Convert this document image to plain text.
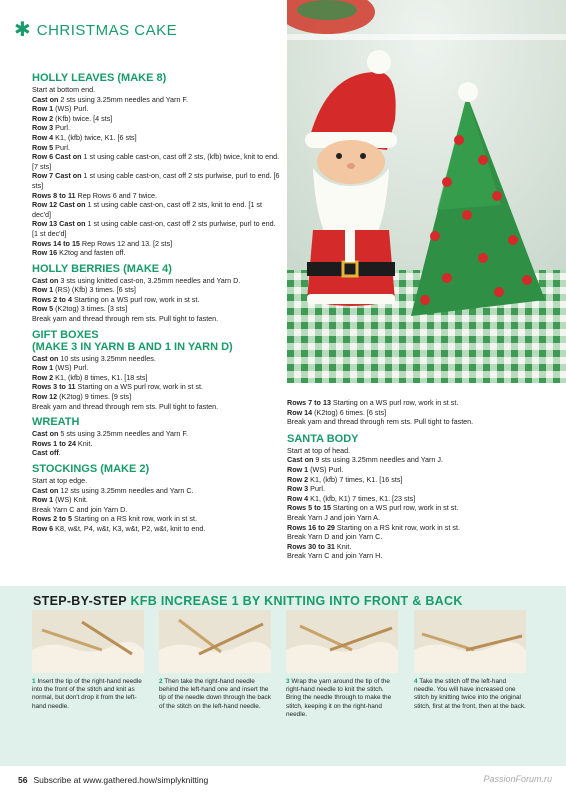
✱ CHRISTMAS CAKE
HOLLY LEAVES (MAKE 8)

Start at bottom end.

Cast on 2 sts using 3.25mm needles and Yarn F.

Row 1 (WS) Purl.

Row 2 (Kfb) twice. [4 sts]

Row 3 Purl.

Row 4 K1, (kfb) twice, K1. [6 sts]

Row 5 Purl.

Row 6 Cast on 1 st using cable cast-on, cast off 2 sts, (kfb) twice, knit to end. [7 sts]

Row 7 Cast on 1 st using cable cast-on, cast off 2 sts purlwise, purl to end. [6 sts]

Rows 8 to 11 Rep Rows 6 and 7 twice.

Row 12 Cast on 1 st using cable cast-on, cast off 2 sts, knit to end. [1 st dec'd]

Row 13 Cast on 1 st using cable cast-on, cast off 2 sts purlwise, purl to end. [1 st dec'd]

Rows 14 to 15 Rep Rows 12 and 13. [2 sts]

Row 16 K2tog and fasten off.

HOLLY BERRIES (MAKE 4)

Cast on 3 sts using knitted cast-on, 3.25mm needles and Yarn D.

Row 1 (RS) (Kfb) 3 times. [6 sts]

Rows 2 to 4 Starting on a WS purl row, work in st st.

Row 5 (K2tog) 3 times. [3 sts]

Break yarn and thread through rem sts. Pull tight to fasten.

GIFT BOXES
(MAKE 3 IN YARN B AND 1 IN YARN D)

Cast on 10 sts using 3.25mm needles.

Row 1 (WS) Purl.

Row 2 K1, (kfb) 8 times, K1. [18 sts]

Rows 3 to 11 Starting on a WS purl row, work in st st.

Row 12 (K2tog) 9 times. [9 sts]

Break yarn and thread through rem sts. Pull tight to fasten.

WREATH

Cast on 5 sts using 3.25mm needles and Yarn F.

Rows 1 to 24 Knit.

Cast off.

STOCKINGS (MAKE 2)

Start at top edge.

Cast on 12 sts using 3.25mm needles and Yarn C.

Row 1 (WS) Knit.

Break Yarn C and join Yarn D.

Rows 2 to 5 Starting on a RS knit row, work in st st.

Row 6 K8, w&t, P4, w&t, K3, w&t, P2, w&t, knit to end.

Rows 7 to 13 Starting on a WS purl row, work in st st.

Row 14 (K2tog) 6 times. [6 sts]

Break yarn and thread through rem sts. Pull tight to fasten.

SANTA BODY

Start at top of head.

Cast on 9 sts using 3.25mm needles and Yarn J.

Row 1 (WS) Purl.

Row 2 K1, (kfb) 7 times, K1. [16 sts]

Row 3 Purl.

Row 4 K1, (kfb, K1) 7 times, K1. [23 sts]

Rows 5 to 15 Starting on a WS purl row, work in st st.

Break Yarn J and join Yarn A.

Rows 16 to 29 Starting on a RS knit row, work in st st.

Break Yarn D and join Yarn C.

Rows 30 to 31 Knit.

Break Yarn C and join Yarn H.

STEP-BY-STEP KFB INCREASE 1 BY KNITTING INTO FRONT & BACK

1 Insert the tip of the right-hand needle into the front of the stitch and knit as normal, but don't drop it from the left-hand needle.

2 Then take the right-hand needle behind the left-hand one and insert the tip of the needle down through the back of the stitch on the left-hand needle.

3 Wrap the yarn around the tip of the right-hand needle to knit the stitch. Bring the needle through to make the stitch, keeping it on the right-hand needle.

4 Take the stitch off the left-hand needle. You will have increased one stitch by knitting twice into the original stitch, first at the front, then at the back.

56 Subscribe at www.gathered.how/simplyknitting	PassionForum.ru
